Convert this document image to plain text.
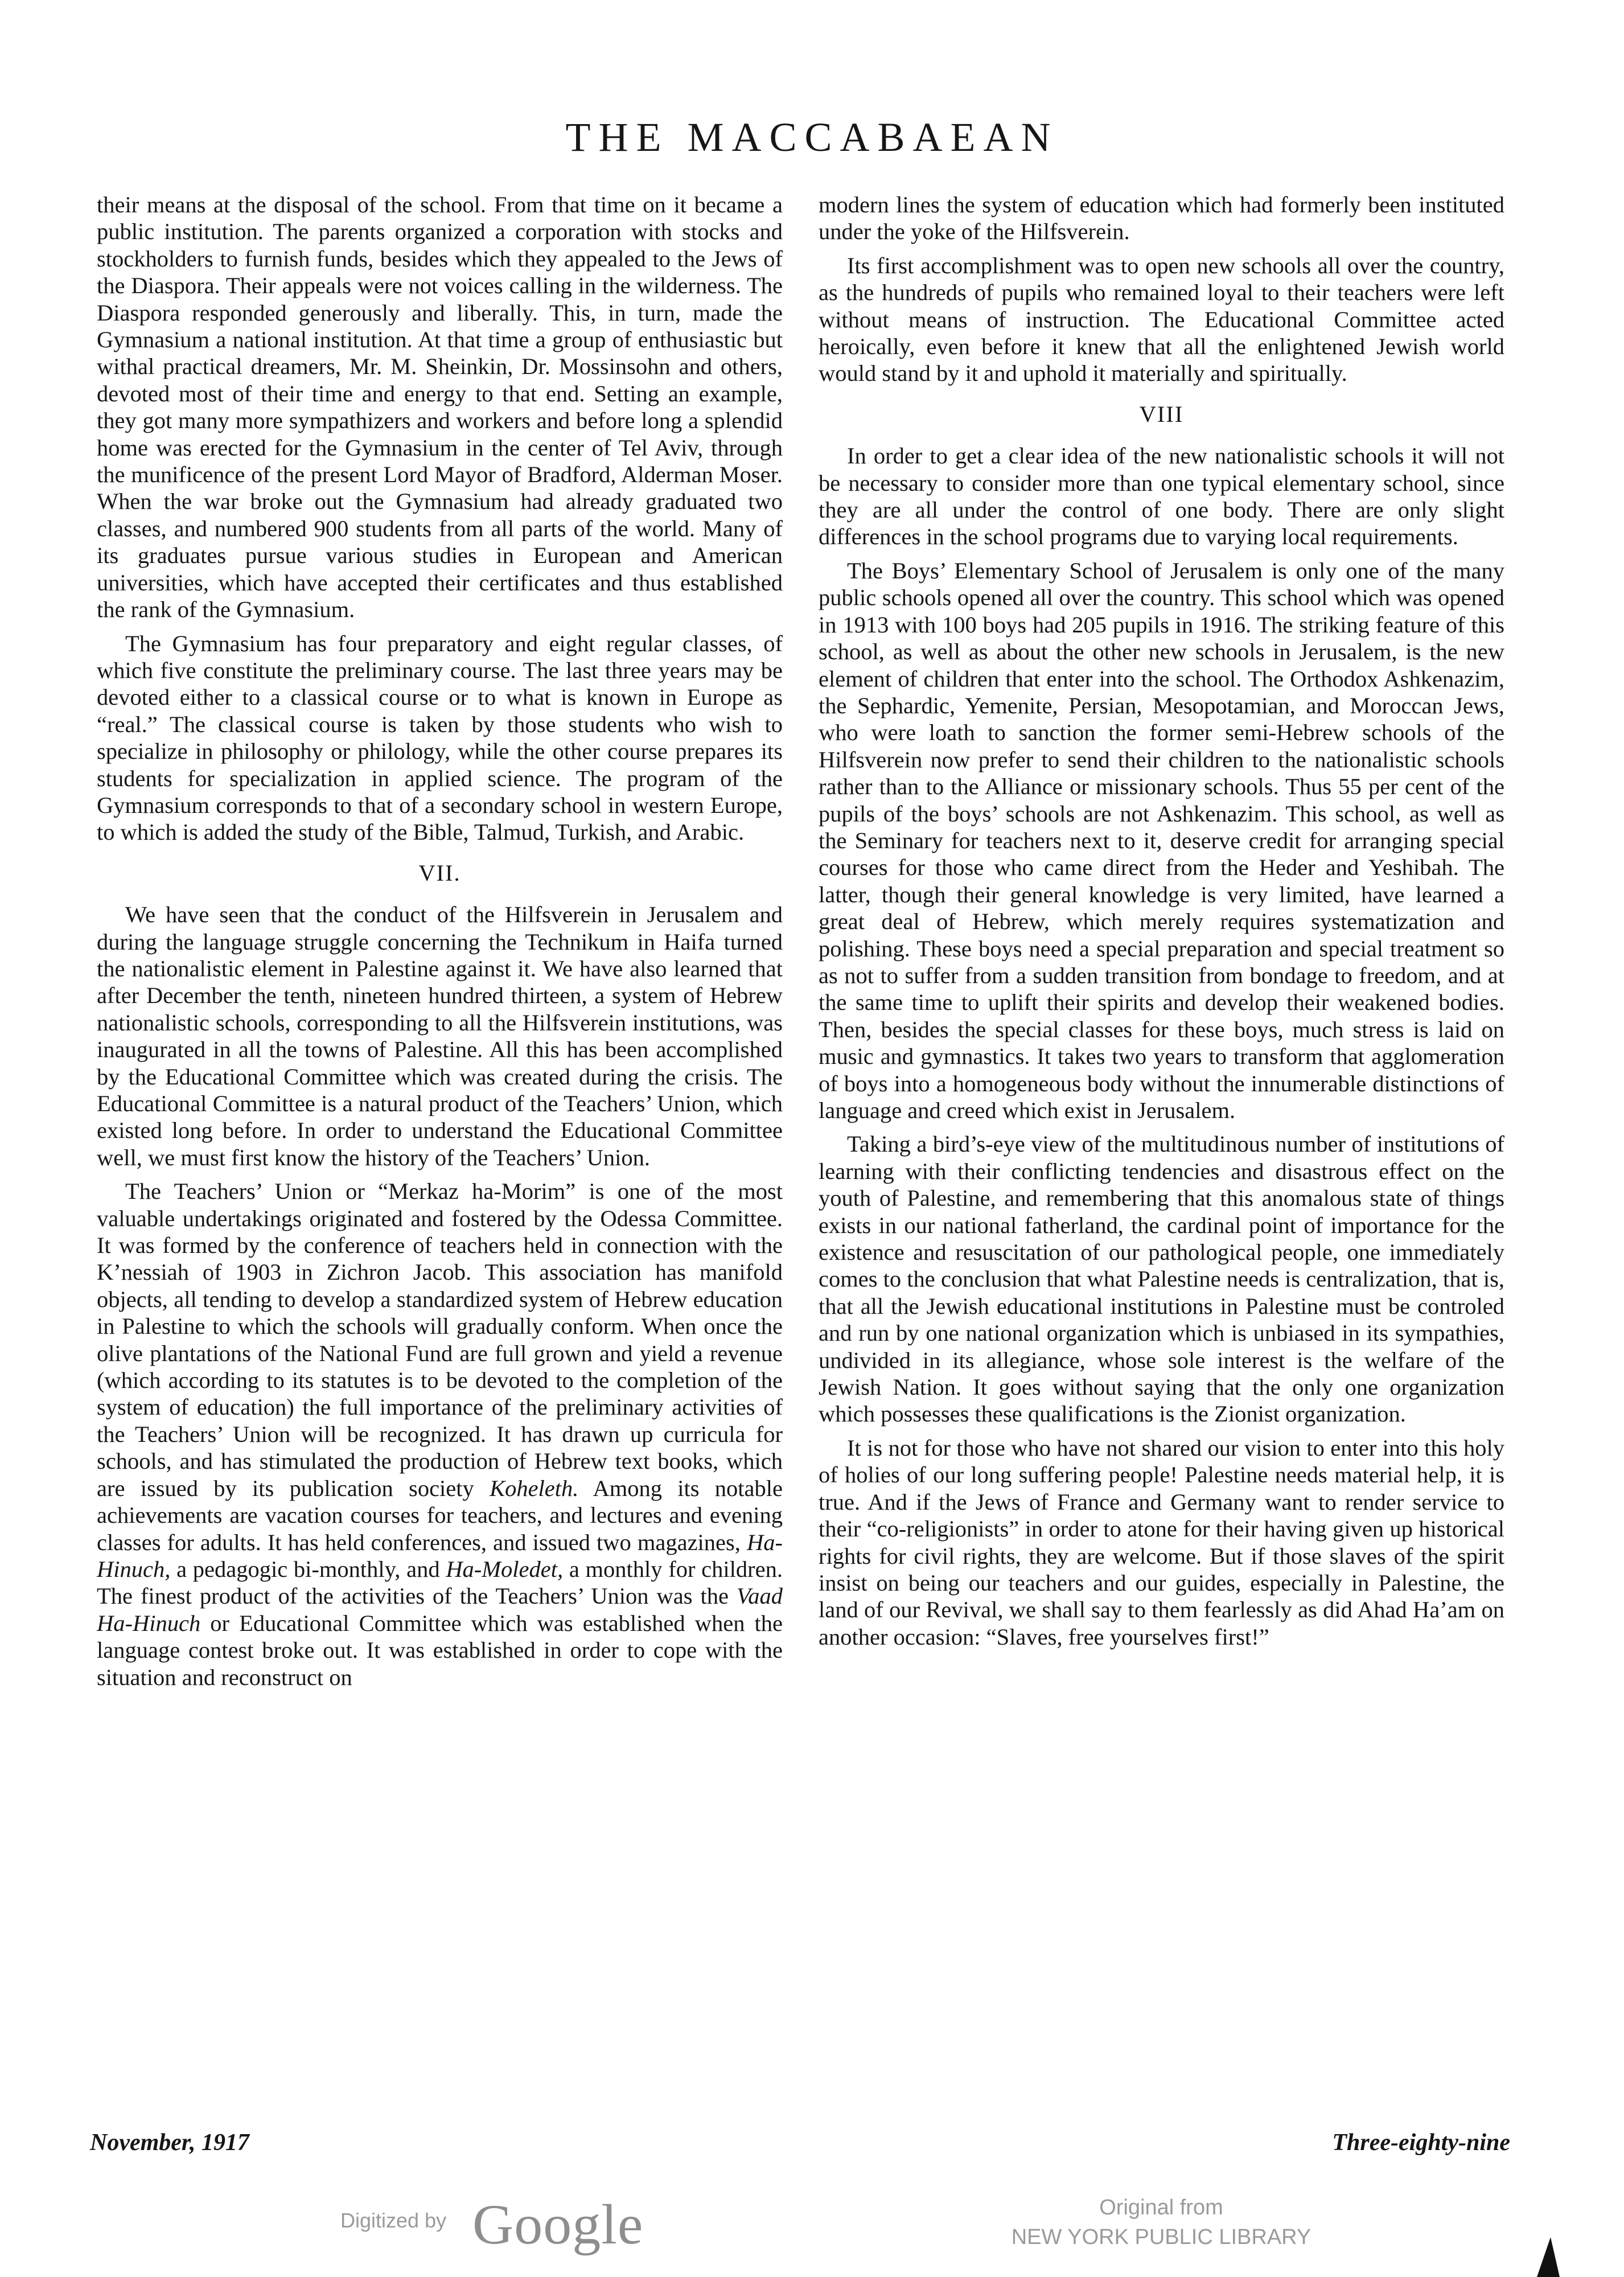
THE MACCABAEAN

their means at the disposal of the school. From that time on it became a public institution. The parents organized a corporation with stocks and stockholders to furnish funds, besides which they appealed to the Jews of the Diaspora. Their appeals were not voices calling in the wilderness. The Diaspora responded generously and liberally. This, in turn, made the Gymnasium a national institution. At that time a group of enthusiastic but withal practical dreamers, Mr. M. Sheinkin, Dr. Mossinsohn and others, devoted most of their time and energy to that end. Setting an example, they got many more sympathizers and workers and before long a splendid home was erected for the Gymnasium in the center of Tel Aviv, through the munificence of the present Lord Mayor of Bradford, Alderman Moser. When the war broke out the Gymnasium had already graduated two classes, and numbered 900 students from all parts of the world. Many of its graduates pursue various studies in European and American universities, which have accepted their certificates and thus established the rank of the Gymnasium.

The Gymnasium has four preparatory and eight regular classes, of which five constitute the preliminary course. The last three years may be devoted either to a classical course or to what is known in Europe as “real.” The classical course is taken by those students who wish to specialize in philosophy or philology, while the other course prepares its students for specialization in applied science. The program of the Gymnasium corresponds to that of a secondary school in western Europe, to which is added the study of the Bible, Talmud, Turkish, and Arabic.

VII.

We have seen that the conduct of the Hilfsverein in Jerusalem and during the language struggle concerning the Technikum in Haifa turned the nationalistic element in Palestine against it. We have also learned that after December the tenth, nineteen hundred thirteen, a system of Hebrew nationalistic schools, corresponding to all the Hilfsverein institutions, was inaugurated in all the towns of Palestine. All this has been accomplished by the Educational Committee which was created during the crisis. The Educational Committee is a natural product of the Teachers’ Union, which existed long before. In order to understand the Educational Committee well, we must first know the history of the Teachers’ Union.

The Teachers’ Union or “Merkaz ha-Morim” is one of the most valuable undertakings originated and fostered by the Odessa Committee. It was formed by the conference of teachers held in connection with the K’nessiah of 1903 in Zichron Jacob. This association has manifold objects, all tending to develop a standardized system of Hebrew education in Palestine to which the schools will gradually conform. When once the olive plantations of the National Fund are full grown and yield a revenue (which according to its statutes is to be devoted to the completion of the system of education) the full importance of the preliminary activities of the Teachers’ Union will be recognized. It has drawn up curricula for schools, and has stimulated the production of Hebrew text books, which are issued by its publication society Koheleth. Among its notable achievements are vacation courses for teachers, and lectures and evening classes for adults. It has held conferences, and issued two magazines, Ha-Hinuch, a pedagogic bi-monthly, and Ha-Moledet, a monthly for children. The finest product of the activities of the Teachers’ Union was the Vaad Ha-Hinuch or Educational Committee which was established when the language contest broke out. It was established in order to cope with the situation and reconstruct on

modern lines the system of education which had formerly been instituted under the yoke of the Hilfsverein.

Its first accomplishment was to open new schools all over the country, as the hundreds of pupils who remained loyal to their teachers were left without means of instruction. The Educational Committee acted heroically, even before it knew that all the enlightened Jewish world would stand by it and uphold it materially and spiritually.

VIII

In order to get a clear idea of the new nationalistic schools it will not be necessary to consider more than one typical elementary school, since they are all under the control of one body. There are only slight differences in the school programs due to varying local requirements.

The Boys’ Elementary School of Jerusalem is only one of the many public schools opened all over the country. This school which was opened in 1913 with 100 boys had 205 pupils in 1916. The striking feature of this school, as well as about the other new schools in Jerusalem, is the new element of children that enter into the school. The Orthodox Ashkenazim, the Sephardic, Yemenite, Persian, Mesopotamian, and Moroccan Jews, who were loath to sanction the former semi-Hebrew schools of the Hilfsverein now prefer to send their children to the nationalistic schools rather than to the Alliance or missionary schools. Thus 55 per cent of the pupils of the boys’ schools are not Ashkenazim. This school, as well as the Seminary for teachers next to it, deserve credit for arranging special courses for those who came direct from the Heder and Yeshibah. The latter, though their general knowledge is very limited, have learned a great deal of Hebrew, which merely requires systematization and polishing. These boys need a special preparation and special treatment so as not to suffer from a sudden transition from bondage to freedom, and at the same time to uplift their spirits and develop their weakened bodies. Then, besides the special classes for these boys, much stress is laid on music and gymnastics. It takes two years to transform that agglomeration of boys into a homogeneous body without the innumerable distinctions of language and creed which exist in Jerusalem.

Taking a bird’s-eye view of the multitudinous number of institutions of learning with their conflicting tendencies and disastrous effect on the youth of Palestine, and remembering that this anomalous state of things exists in our national fatherland, the cardinal point of importance for the existence and resuscitation of our pathological people, one immediately comes to the conclusion that what Palestine needs is centralization, that is, that all the Jewish educational institutions in Palestine must be controled and run by one national organization which is unbiased in its sympathies, undivided in its allegiance, whose sole interest is the welfare of the Jewish Nation. It goes without saying that the only one organization which possesses these qualifications is the Zionist organization.

It is not for those who have not shared our vision to enter into this holy of holies of our long suffering people! Palestine needs material help, it is true. And if the Jews of France and Germany want to render service to their “co-religionists” in order to atone for their having given up historical rights for civil rights, they are welcome. But if those slaves of the spirit insist on being our teachers and our guides, especially in Palestine, the land of our Revival, we shall say to them fearlessly as did Ahad Ha’am on another occasion: “Slaves, free yourselves first!”

November, 1917	Three-eighty-nine
Digitized by Google	Original from
NEW YORK PUBLIC LIBRARY
